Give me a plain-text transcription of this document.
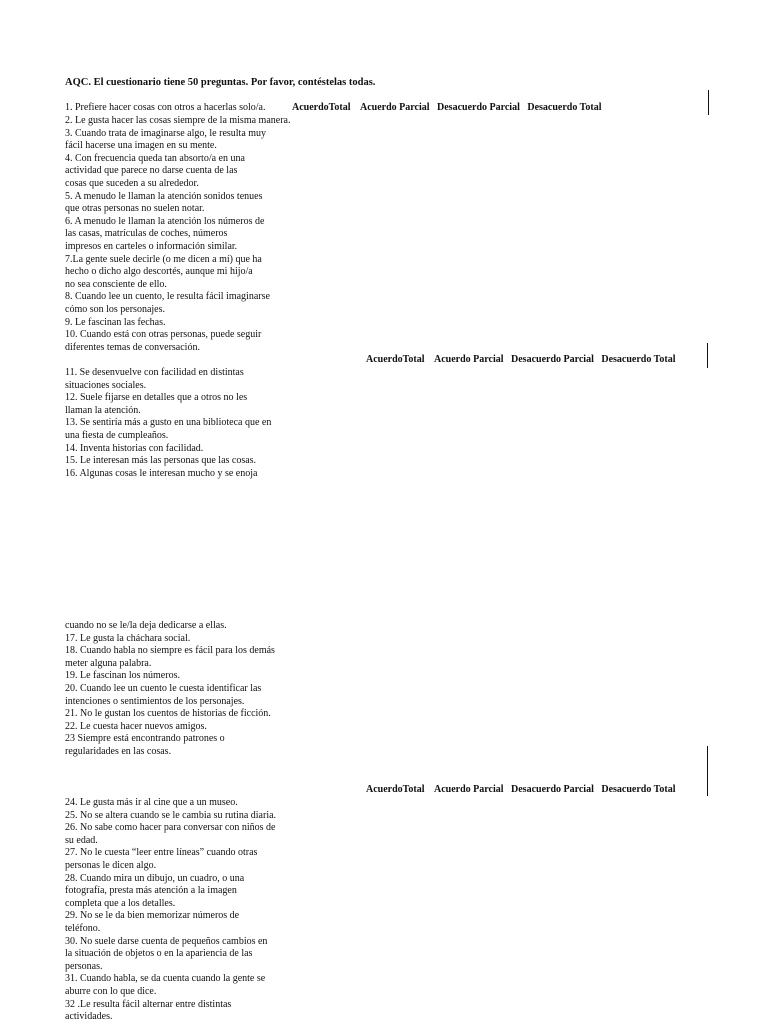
AQC. El cuestionario tiene 50 preguntas. Por favor, contéstelas todas.
1. Prefiere hacer cosas con otros a hacerlas solo/a.	AcuerdoTotal Acuerdo Parcial Desacuerdo Parcial Desacuerdo Total
2. Le gusta hacer las cosas siempre de la misma manera.
3. Cuando trata de imaginarse algo, le resulta muy
fácil hacerse una imagen en su mente.
4. Con frecuencia queda tan absorto/a en una
actividad que parece no darse cuenta de las
cosas que suceden a su alrededor.
5. A menudo le llaman la atención sonidos tenues
que otras personas no suelen notar.
6. A menudo le llaman la atención los números de
las casas, matrículas de coches, números
impresos en carteles o información similar.
7.La gente suele decirle (o me dicen a mí) que ha
hecho o dicho algo descortés, aunque mi hijo/a
no sea consciente de ello.
8. Cuando lee un cuento, le resulta fácil imaginarse
cómo son los personajes.
9. Le fascinan las fechas.
10. Cuando está con otras personas, puede seguir
diferentes temas de conversación.
AcuerdoTotal Acuerdo Parcial Desacuerdo Parcial Desacuerdo Total
11. Se desenvuelve con facilidad en distintas
situaciones sociales.
12. Suele fijarse en detalles que a otros no les
llaman la atención.
13. Se sentiría más a gusto en una biblioteca que en
una fiesta de cumpleaños.
14. Inventa historias con facilidad.
15. Le interesan más las personas que las cosas.
16. Algunas cosas le interesan mucho y se enoja
cuando no se le/la deja dedicarse a ellas.
17. Le gusta la cháchara social.
18. Cuando habla no siempre es fácil para los demás
meter alguna palabra.
19. Le fascinan los números.
20. Cuando lee un cuento le cuesta identificar las
intenciones o sentimientos de los personajes.
21. No le gustan los cuentos de historias de ficción.
22. Le cuesta hacer nuevos amigos.
23 Siempre está encontrando patrones o
regularidades en las cosas.
AcuerdoTotal Acuerdo Parcial Desacuerdo Parcial Desacuerdo Total
24. Le gusta más ir al cine que a un museo.
25. No se altera cuando se le cambia su rutina diaria.
26. No sabe como hacer para conversar con niños de
su edad.
27. No le cuesta “leer entre líneas” cuando otras
personas le dicen algo.
28. Cuando mira un dibujo, un cuadro, o una
fotografía, presta más atención a la imagen
completa que a los detalles.
29. No se le da bien memorizar números de
teléfono.
30. No suele darse cuenta de pequeños cambios en
la situación de objetos o en la apariencia de las
personas.
31. Cuando habla, se da cuenta cuando la gente se
aburre con lo que dice.
32 .Le resulta fácil alternar entre distintas
actividades.
